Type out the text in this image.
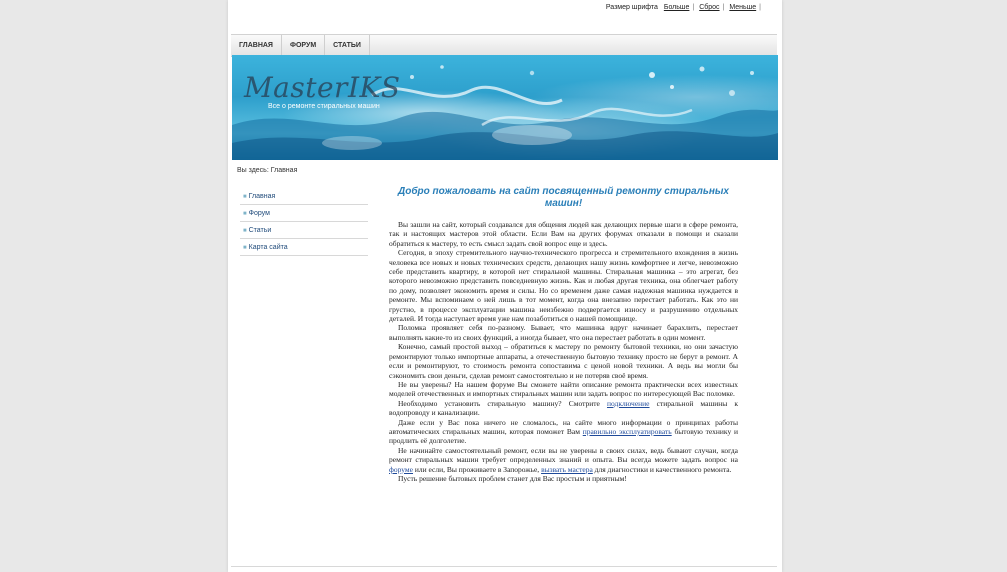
Размер шрифта Больше | Сброс | Меньше |
ГЛАВНАЯ	ФОРУМ	СТАТЬИ
MasterIKS
Все о ремонте стиральных машин
Вы здесь: Главная
■ Главная
■ Форум
■ Статьи
■ Карта сайта
Добро пожаловать на сайт посвященный ремонту стиральных машин!

Вы зашли на сайт, который создавался для общения людей как делающих первые шаги в сфере ремонта, так и настоящих мастеров этой области. Если Вам на других форумах отказали в помощи и сказали обратиться к мастеру, то есть смысл задать свой вопрос еще и здесь.

Сегодня, в эпоху стремительного научно-технического прогресса и стремительного вхождения в жизнь человека все новых и новых технических средств, делающих нашу жизнь комфортнее и легче, невозможно себе представить квартиру, в которой нет стиральной машины. Стиральная машинка – это агрегат, без которого невозможно представить повседневную жизнь. Как и любая другая техника, она облегчает работу по дому, позволяет экономить время и силы. Но со временем даже самая надежная машинка нуждается в ремонте. Мы вспоминаем о ней лишь в тот момент, когда она внезапно перестает работать. Как это ни грустно, в процессе эксплуатации машина неизбежно подвергается износу и разрушению отдельных деталей. И тогда наступает время уже нам позаботиться о нашей помощнице.

Поломка проявляет себя по-разному. Бывает, что машинка вдруг начинает барахлить, перестает выполнять какие-то из своих функций, а иногда бывает, что она перестает работать в один момент.

Конечно, самый простой выход – обратиться к мастеру по ремонту бытовой техники, но они зачастую ремонтируют только импортные аппараты, а отечественную бытовую технику просто не берут в ремонт. А если и ремонтируют, то стоимость ремонта сопоставима с ценой новой техники. А ведь вы могли бы сэкономить свои деньги, сделав ремонт самостоятельно и не потеряв своё время.

Не вы уверены? На нашем форуме Вы сможете найти описание ремонта практически всех известных моделей отечественных и импортных стиральных машин или задать вопрос по интересующей Вас поломке.

Необходимо установить стиральную машину? Смотрите подключение стиральной машины к водопроводу и канализации.

Даже если у Вас пока ничего не сломалось, на сайте много информации о принципах работы автоматических стиральных машин, которая поможет Вам правильно эксплуатировать бытовую технику и продлить её долголетие.

Не начинайте самостоятельный ремонт, если вы не уверены в своих силах, ведь бывают случаи, когда ремонт стиральных машин требует определенных знаний и опыта. Вы всегда можете задать вопрос на форуме или если, Вы проживаете в Запорожье, вызвать мастера для диагностики и качественного ремонта.

Пусть решение бытовых проблем станет для Вас простым и приятным!
